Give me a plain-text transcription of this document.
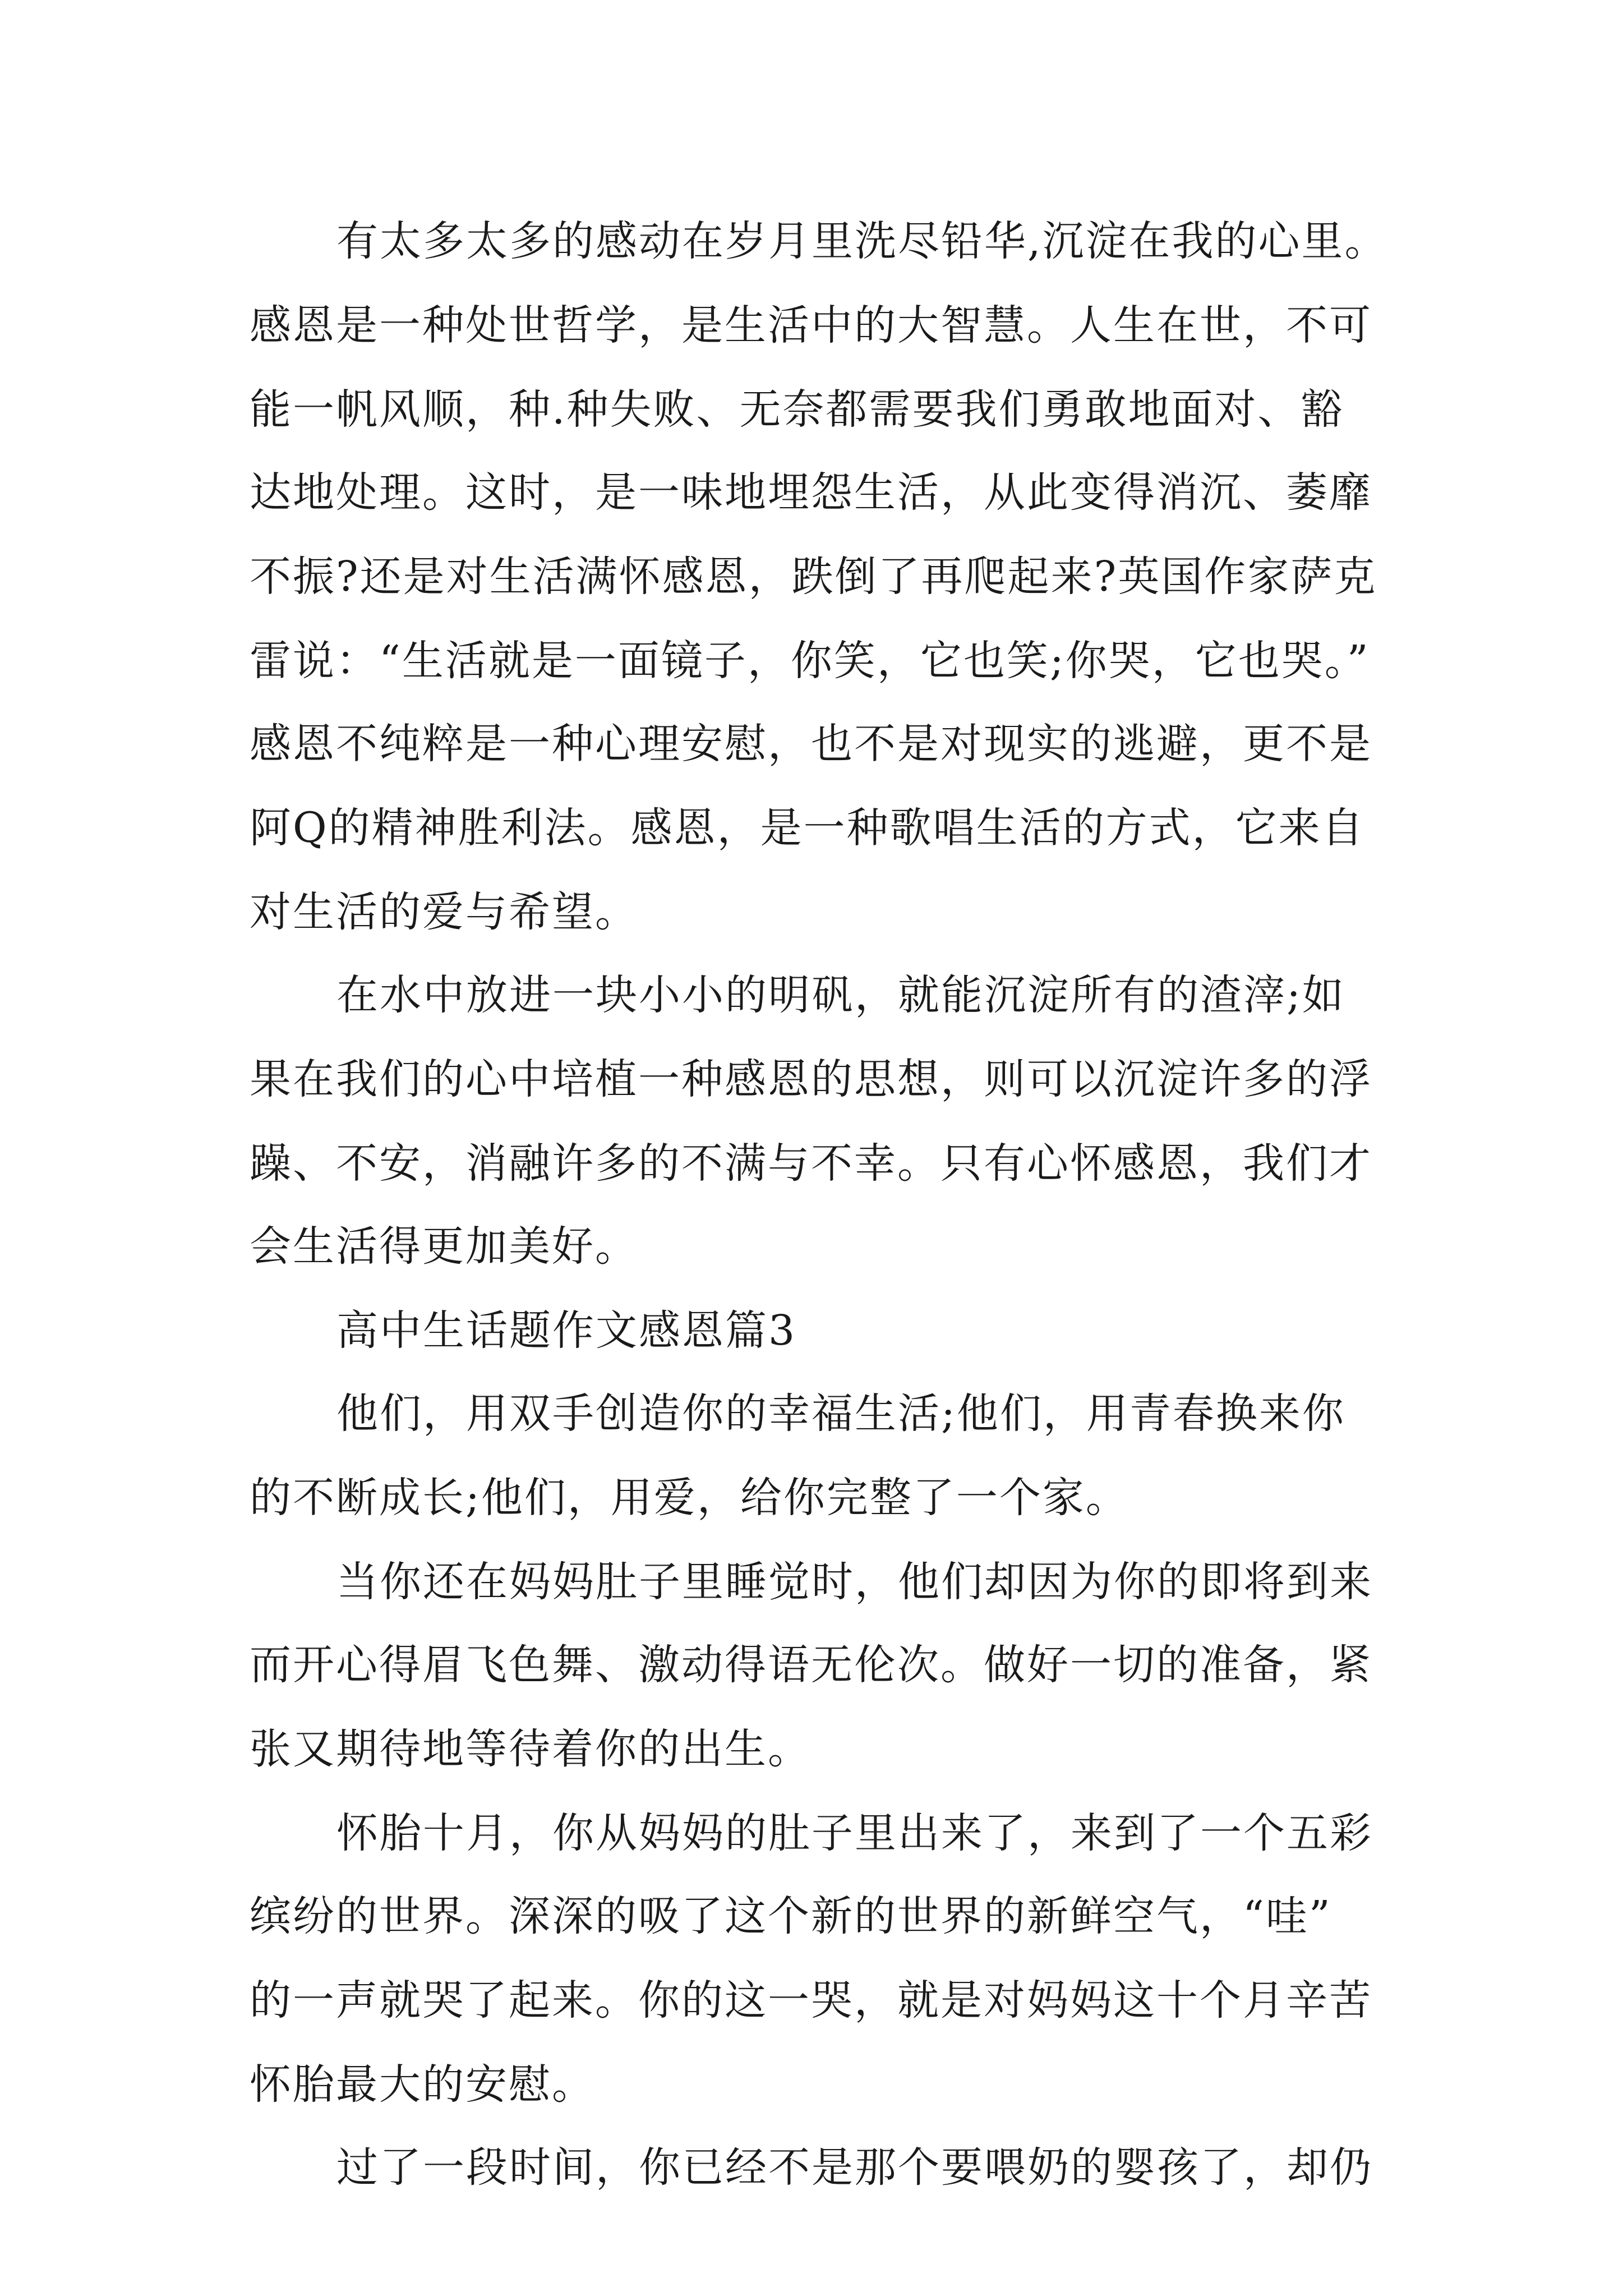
有太多太多的感动在岁月里洗尽铅华,沉淀在我的心里。
感恩是一种处世哲学，是生活中的大智慧。人生在世，不可
能一帆风顺，种.种失败、无奈都需要我们勇敢地面对、豁
达地处理。这时，是一味地埋怨生活，从此变得消沉、萎靡
不振?还是对生活满怀感恩，跌倒了再爬起来?英国作家萨克
雷说：“生活就是一面镜子，你笑，它也笑;你哭，它也哭。”
感恩不纯粹是一种心理安慰，也不是对现实的逃避，更不是
阿Q的精神胜利法。感恩，是一种歌唱生活的方式，它来自
对生活的爱与希望。
在水中放进一块小小的明矾，就能沉淀所有的渣滓;如
果在我们的心中培植一种感恩的思想，则可以沉淀许多的浮
躁、不安，消融许多的不满与不幸。只有心怀感恩，我们才
会生活得更加美好。
高中生话题作文感恩篇3
他们，用双手创造你的幸福生活;他们，用青春换来你
的不断成长;他们，用爱，给你完整了一个家。
当你还在妈妈肚子里睡觉时，他们却因为你的即将到来
而开心得眉飞色舞、激动得语无伦次。做好一切的准备，紧
张又期待地等待着你的出生。
怀胎十月，你从妈妈的肚子里出来了，来到了一个五彩
缤纷的世界。深深的吸了这个新的世界的新鲜空气，“哇”
的一声就哭了起来。你的这一哭，就是对妈妈这十个月辛苦
怀胎最大的安慰。
过了一段时间，你已经不是那个要喂奶的婴孩了，却仍
